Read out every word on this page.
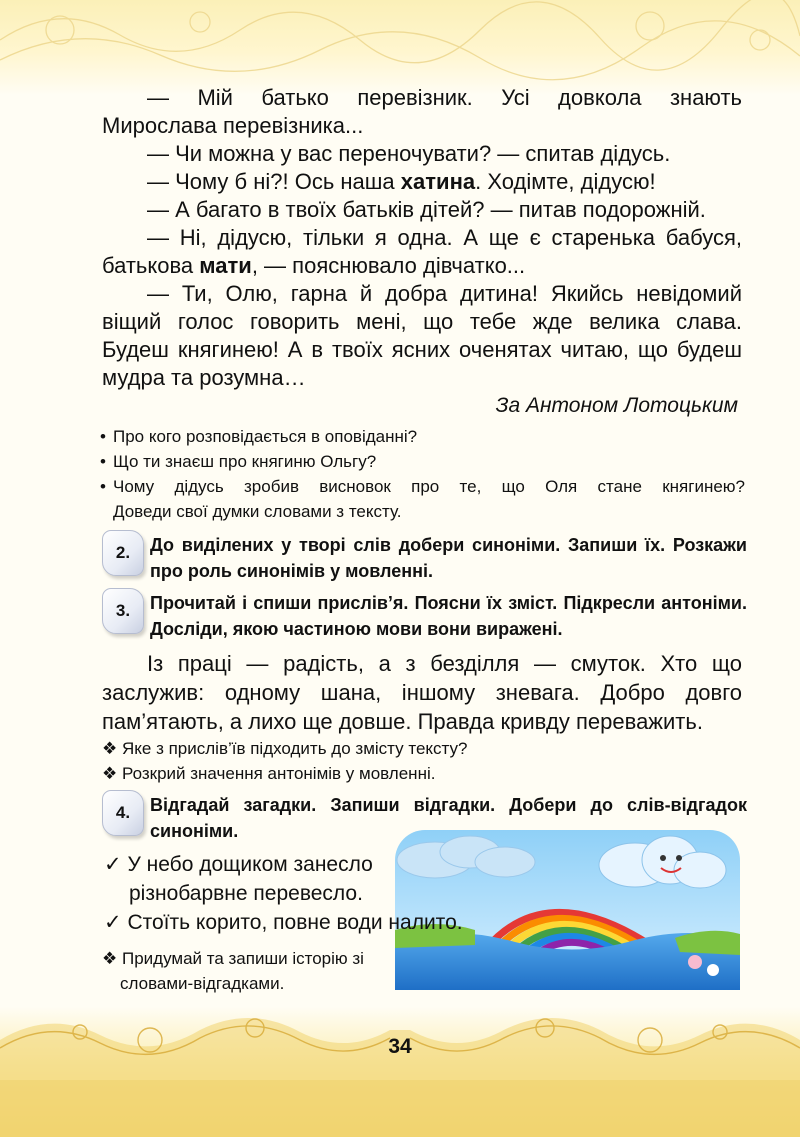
— Мій батько перевізник. Усі довкола знають
Мирослава перевізника...
— Чи можна у вас переночувати? — спитав дідусь.
— Чому б ні?! Ось наша хатина. Ходімте, дідусю!
— А багато в твоїх батьків дітей? — питав подорожній.
— Ні, дідусю, тільки я одна. А ще є старенька бабуся,
батькова мати, — пояснювало дівчатко...
— Ти, Олю, гарна й добра дитина! Якийсь невідомий
віщий голос говорить мені, що тебе жде велика слава.
Будеш княгинею! А в твоїх ясних оченятах читаю, що будеш
мудра та розумна…
За Антоном Лотоцьким
• Про кого розповідається в оповіданні?
• Що ти знаєш про княгиню Ольгу?
• Чому дідусь зробив висновок про те, що Оля стане княгинею?
Доведи свої думки словами з тексту.
2.	До виділених у творі слів добери синоніми. Запиши їх. Розкажи про роль синонімів у мовленні.
3.	Прочитай і спиши прислів’я. Поясни їх зміст. Підкресли антоніми. Досліди, якою частиною мови вони виражені.
Із праці — радість, а з безділля — смуток. Хто що
заслужив: одному шана, іншому зневага. Добро довго
пам’ятають, а лихо ще довше. Правда кривду переважить.
❖ Яке з прислів’їв підходить до змісту тексту?
❖ Розкрий значення антонімів у мовленні.
4.	Відгадай загадки. Запиши відгадки. Добери до слів-відгадок синоніми.
✓ У небо дощиком занесло
різнобарвне перевесло.
✓ Стоїть корито, повне води налито.
❖ Придумай та запиши історію зі
словами-відгадками.
34
